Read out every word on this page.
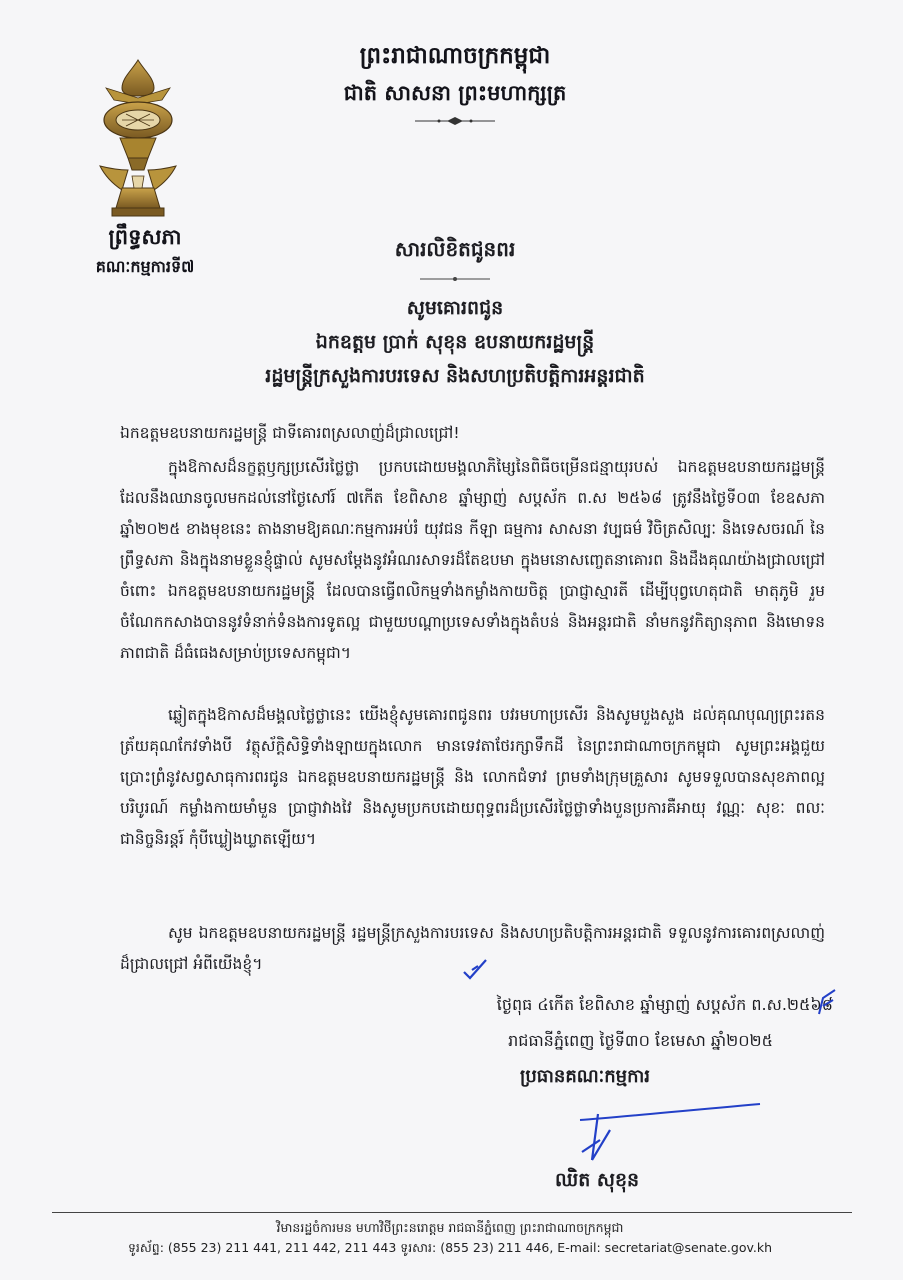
ព្រឹទ្ធសភា
គណៈកម្មការទី៧
ព្រះរាជាណាចក្រកម្ពុជា
ជាតិ សាសនា ព្រះមហាក្សត្រ
សារលិខិតជូនពរ
សូមគោរពជូន
ឯកឧត្តម ប្រាក់ សុខុន ឧបនាយករដ្ឋមន្ត្រី
រដ្ឋមន្ត្រីក្រសួងការបរទេស និងសហប្រតិបត្តិការអន្តរជាតិ
ឯកឧត្តមឧបនាយករដ្ឋមន្ត្រី ជាទីគោរពស្រលាញ់ដ៏ជ្រាលជ្រៅ!
ក្នុងឱកាសដ៏នក្ខត្តឫក្សប្រសើរថ្លៃថ្លា ប្រកបដោយមង្គលាភិម្សៃនៃពិធីចម្រើនជន្មាយុរបស់ ឯកឧត្តមឧបនាយករដ្ឋមន្ត្រី ដែលនឹងឈានចូលមកដល់នៅថ្ងៃសៅរ៍ ៧កើត ខែពិសាខ ឆ្នាំម្សាញ់ សប្តស័ក ព.ស ២៥៦៨ ត្រូវនឹងថ្ងៃទី០៣ ខែឧសភា ឆ្នាំ២០២៥ ខាងមុខនេះ តាងនាមឱ្យគណៈកម្មការអប់រំ យុវជន កីឡា ធម្មការ សាសនា វប្បធម៌ វិចិត្រសិល្បៈ និងទេសចរណ៍ នៃព្រឹទ្ធសភា និងក្នុងនាមខ្លួនខ្ញុំផ្ទាល់ សូមសម្តែងនូវអំណរសាទរដ៏តែឧបមា ក្នុងមនោសញ្ចេតនាគោរព និងដឹងគុណយ៉ាងជ្រាលជ្រៅចំពោះ ឯកឧត្តមឧបនាយករដ្ឋមន្ត្រី ដែលបានធ្វើពលិកម្មទាំងកម្លាំងកាយចិត្ត ប្រាជ្ញាស្មារតី ដើម្បីបុព្វហេតុជាតិ មាតុភូមិ រួមចំណែកកសាងបាននូវទំនាក់ទំនងការទូតល្អ ជាមួយបណ្តាប្រទេសទាំងក្នុងតំបន់ និងអន្តរជាតិ នាំមកនូវកិត្យានុភាព និងមោទនភាពជាតិ ដ៏ធំធេងសម្រាប់ប្រទេសកម្ពុជា។
ឆ្លៀតក្នុងឱកាសដ៏មង្គលថ្លៃថ្លានេះ យើងខ្ញុំសូមគោរពជូនពរ បវរមហាប្រសើរ និងសូមបួងសួង ដល់គុណបុណ្យព្រះរតនត្រ័យគុណកែវទាំងបី វត្ថុស័ក្តិសិទ្ធិទាំងឡាយក្នុងលោក មានទេវតាថែរក្សាទឹកដី នៃព្រះរាជាណាចក្រកម្ពុជា សូមព្រះអង្គជួយប្រោះព្រំនូវសព្វសាធុការពរជូន ឯកឧត្តមឧបនាយករដ្ឋមន្ត្រី និង លោកជំទាវ ព្រមទាំងក្រុមគ្រួសារ សូមទទួលបានសុខភាពល្អបរិបូរណ៍ កម្លាំងកាយមាំមួន ប្រាជ្ញាវាងវៃ និងសូមប្រកបដោយពុទ្ធពរដ៏ប្រសើរថ្លៃថ្លាទាំងបួនប្រការគឺអាយុ វណ្ណៈ សុខៈ ពលៈ ជានិច្ចនិរន្តរ៍ កុំបីឃ្លៀងឃ្លាតឡើយ។
សូម ឯកឧត្តមឧបនាយករដ្ឋមន្ត្រី រដ្ឋមន្ត្រីក្រសួងការបរទេស និងសហប្រតិបត្តិការអន្តរជាតិ ទទួលនូវការគោរពស្រលាញ់ដ៏ជ្រាលជ្រៅ អំពីយើងខ្ញុំ។
ថ្ងៃពុធ ៤កើត ខែពិសាខ ឆ្នាំម្សាញ់ សប្តស័ក ព.ស.២៥៦៨
រាជធានីភ្នំពេញ ថ្ងៃទី៣០ ខែមេសា ឆ្នាំ២០២៥
ប្រធានគណៈកម្មការ
ឈិត សុខុន
វិមានរដ្ឋចំការមន មហាវិថីព្រះនរោត្តម រាជធានីភ្នំពេញ ព្រះរាជាណាចក្រកម្ពុជា
ទូរស័ព្ទ: (855 23) 211 441, 211 442, 211 443 ទូរសារ: (855 23) 211 446, E-mail: secretariat@senate.gov.kh
